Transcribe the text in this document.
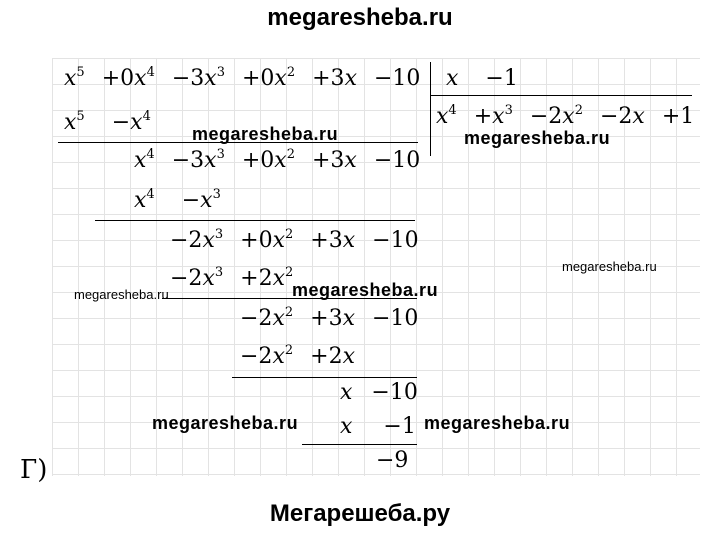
megaresheba.ru
$x^5 +0x^4 -3x^3 +0x^2 +3x -10$ x −1
$x^4 +x^3 -2x^2 -2x +1$
$x^5 -x^4$
$x^4 -3x^3 +0x^2 +3x -10$
$x^4 -x^3$
$-2x^3 +0x^2 +3x -10$
$-2x^3 +2x^2$
$-2x^2 +3x -10$
$-2x^2 +2x$
x −10
x −1
−9
Г)
megaresheba.ru	megaresheba.ru
megaresheba.ru
megaresheba.ru	megaresheba.ru
megaresheba.ru	megaresheba.ru
Мегарешеба.ру
